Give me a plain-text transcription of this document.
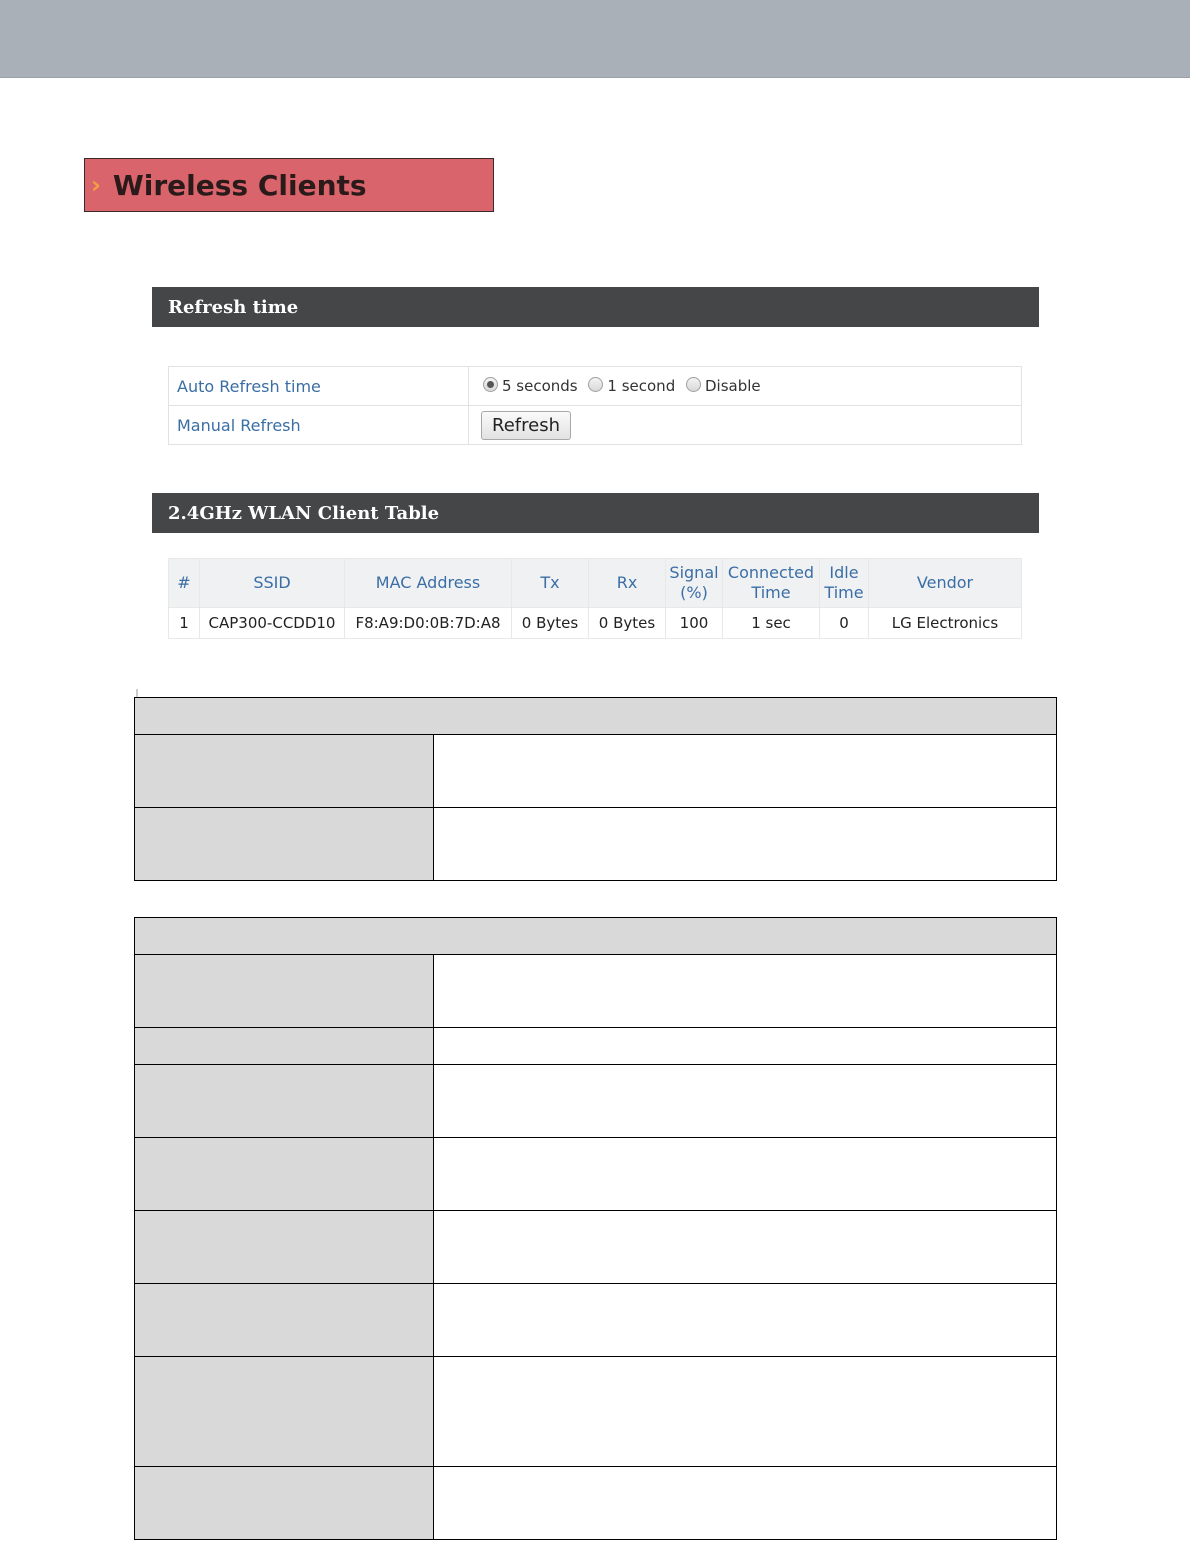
› Wireless Clients
Refresh time
Auto Refresh time	5 seconds 1 second Disable
Manual Refresh	Refresh
2.4GHz WLAN Client Table
#	SSID	MAC Address	Tx	Rx	Signal (%)	Connected Time	Idle Time	Vendor
1	CAP300-CCDD10	F8:A9:D0:0B:7D:A8	0 Bytes	0 Bytes	100	1 sec	0	LG Electronics
